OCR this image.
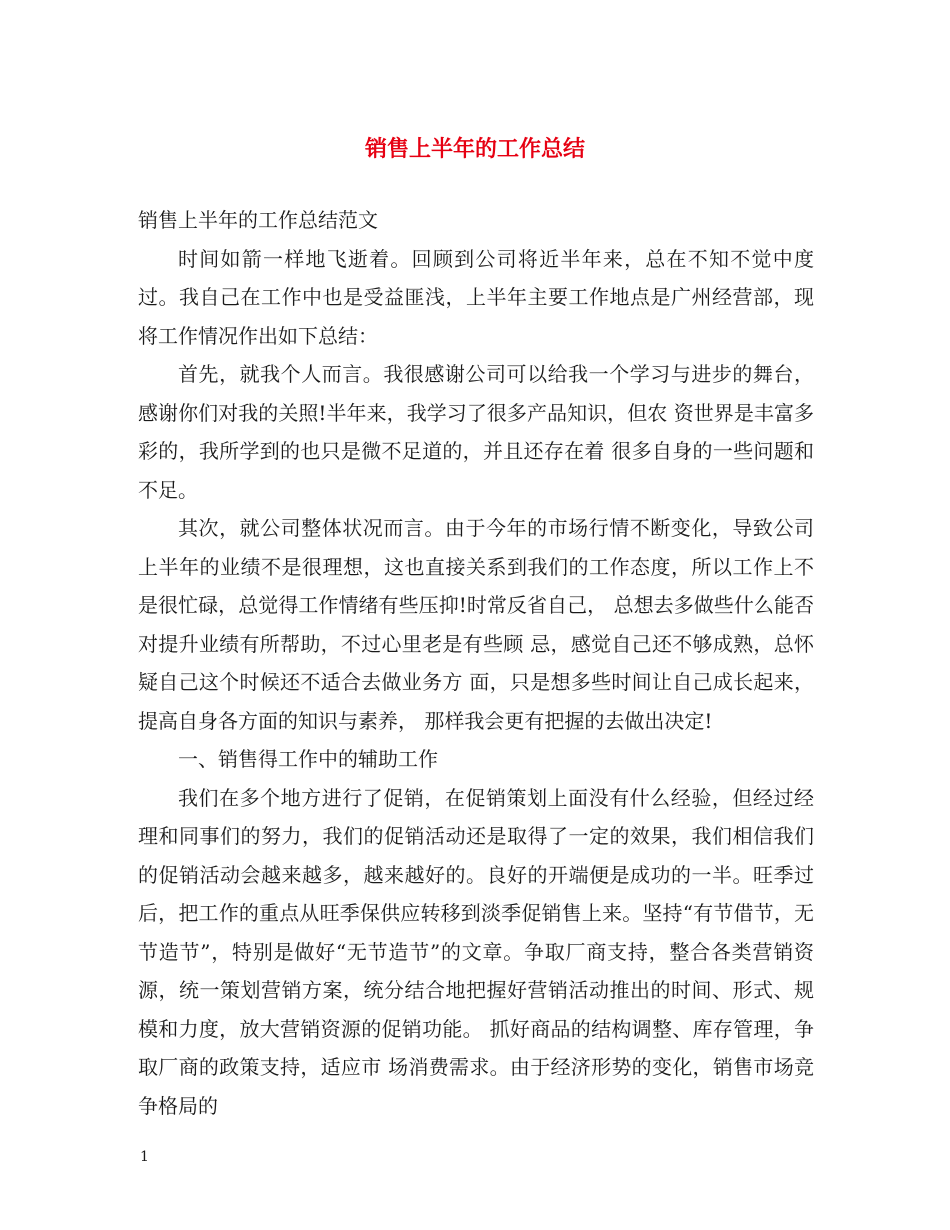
销售上半年的工作总结

销售上半年的工作总结范文

时间如箭一样地飞逝着。回顾到公司将近半年来，总在不知不觉中度过。我自己在工作中也是受益匪浅，上半年主要工作地点是广州经营部，现将工作情况作出如下总结：

首先，就我个人而言。我很感谢公司可以给我一个学习与进步的舞台，感谢你们对我的关照!半年来，我学习了很多产品知识，但农 资世界是丰富多彩的，我所学到的也只是微不足道的，并且还存在着 很多自身的一些问题和不足。

其次，就公司整体状况而言。由于今年的市场行情不断变化，导致公司上半年的业绩不是很理想，这也直接关系到我们的工作态度，所以工作上不是很忙碌，总觉得工作情绪有些压抑!时常反省自己， 总想去多做些什么能否对提升业绩有所帮助，不过心里老是有些顾 忌，感觉自己还不够成熟，总怀疑自己这个时候还不适合去做业务方 面，只是想多些时间让自己成长起来，提高自身各方面的知识与素养， 那样我会更有把握的去做出决定!

一、销售得工作中的辅助工作

我们在多个地方进行了促销，在促销策划上面没有什么经验，但经过经理和同事们的努力，我们的促销活动还是取得了一定的效果，我们相信我们的促销活动会越来越多，越来越好的。良好的开端便是成功的一半。旺季过后，把工作的重点从旺季保供应转移到淡季促销售上来。坚持“有节借节，无节造节”，特别是做好“无节造节”的文章。争取厂商支持，整合各类营销资源，统一策划营销方案，统分结合地把握好营销活动推出的时间、形式、规模和力度，放大营销资源的促销功能。 抓好商品的结构调整、库存管理，争取厂商的政策支持，适应市 场消费需求。由于经济形势的变化，销售市场竞争格局的

1
